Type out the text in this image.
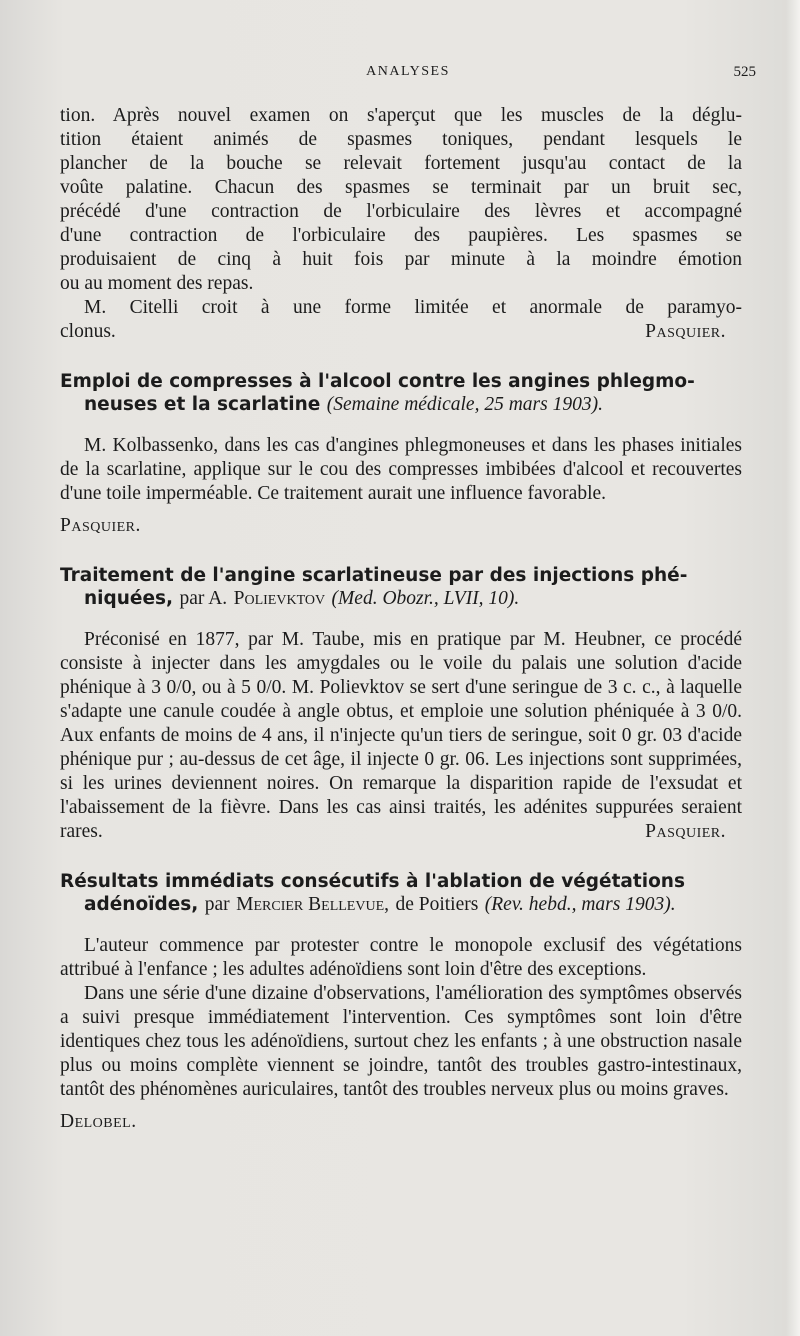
ANALYSES	525

tion. Après nouvel examen on s'aperçut que les muscles de la déglu-

tition étaient animés de spasmes toniques, pendant lesquels le

plancher de la bouche se relevait fortement jusqu'au contact de la

voûte palatine. Chacun des spasmes se terminait par un bruit sec,

précédé d'une contraction de l'orbiculaire des lèvres et accompagné

d'une contraction de l'orbiculaire des paupières. Les spasmes se

produisaient de cinq à huit fois par minute à la moindre émotion

ou au moment des repas.

M. Citelli croit à une forme limitée et anormale de paramyo-

clonus.	Pasquier.

Emploi de compresses à l'alcool contre les angines phlegmo-
neuses et la scarlatine (Semaine médicale, 25 mars 1903).

M. Kolbassenko, dans les cas d'angines phlegmoneuses et dans les phases initiales de la scarlatine, applique sur le cou des compresses imbibées d'alcool et recouvertes d'une toile imperméable. Ce traitement aurait une influence favorable.

Pasquier.

Traitement de l'angine scarlatineuse par des injections phé-
niquées, par A. Polievktov (Med. Obozr., LVII, 10).

Préconisé en 1877, par M. Taube, mis en pratique par M. Heubner, ce procédé consiste à injecter dans les amygdales ou le voile du palais une solution d'acide phénique à 3 0/0, ou à 5 0/0. M. Polievktov se sert d'une seringue de 3 c. c., à laquelle s'adapte une canule coudée à angle obtus, et emploie une solution phéniquée à 3 0/0. Aux enfants de moins de 4 ans, il n'injecte qu'un tiers de seringue, soit 0 gr. 03 d'acide phénique pur ; au-dessus de cet âge, il injecte 0 gr. 06. Les injections sont supprimées, si les urines deviennent noires. On remarque la disparition rapide de l'exsudat et l'abaissement de la fièvre. Dans les cas ainsi traités, les adénites suppurées seraient

rares.	Pasquier.

Résultats immédiats consécutifs à l'ablation de végétations
adénoïdes, par Mercier Bellevue, de Poitiers (Rev. hebd., mars 1903).

L'auteur commence par protester contre le monopole exclusif des végétations attribué à l'enfance ; les adultes adénoïdiens sont loin d'être des exceptions.

Dans une série d'une dizaine d'observations, l'amélioration des symptômes observés a suivi presque immédiatement l'intervention. Ces symptômes sont loin d'être identiques chez tous les adénoïdiens, surtout chez les enfants ; à une obstruction nasale plus ou moins complète viennent se joindre, tantôt des troubles gastro-intestinaux, tantôt des phénomènes auriculaires, tantôt des troubles nerveux plus ou moins graves.

Delobel.
